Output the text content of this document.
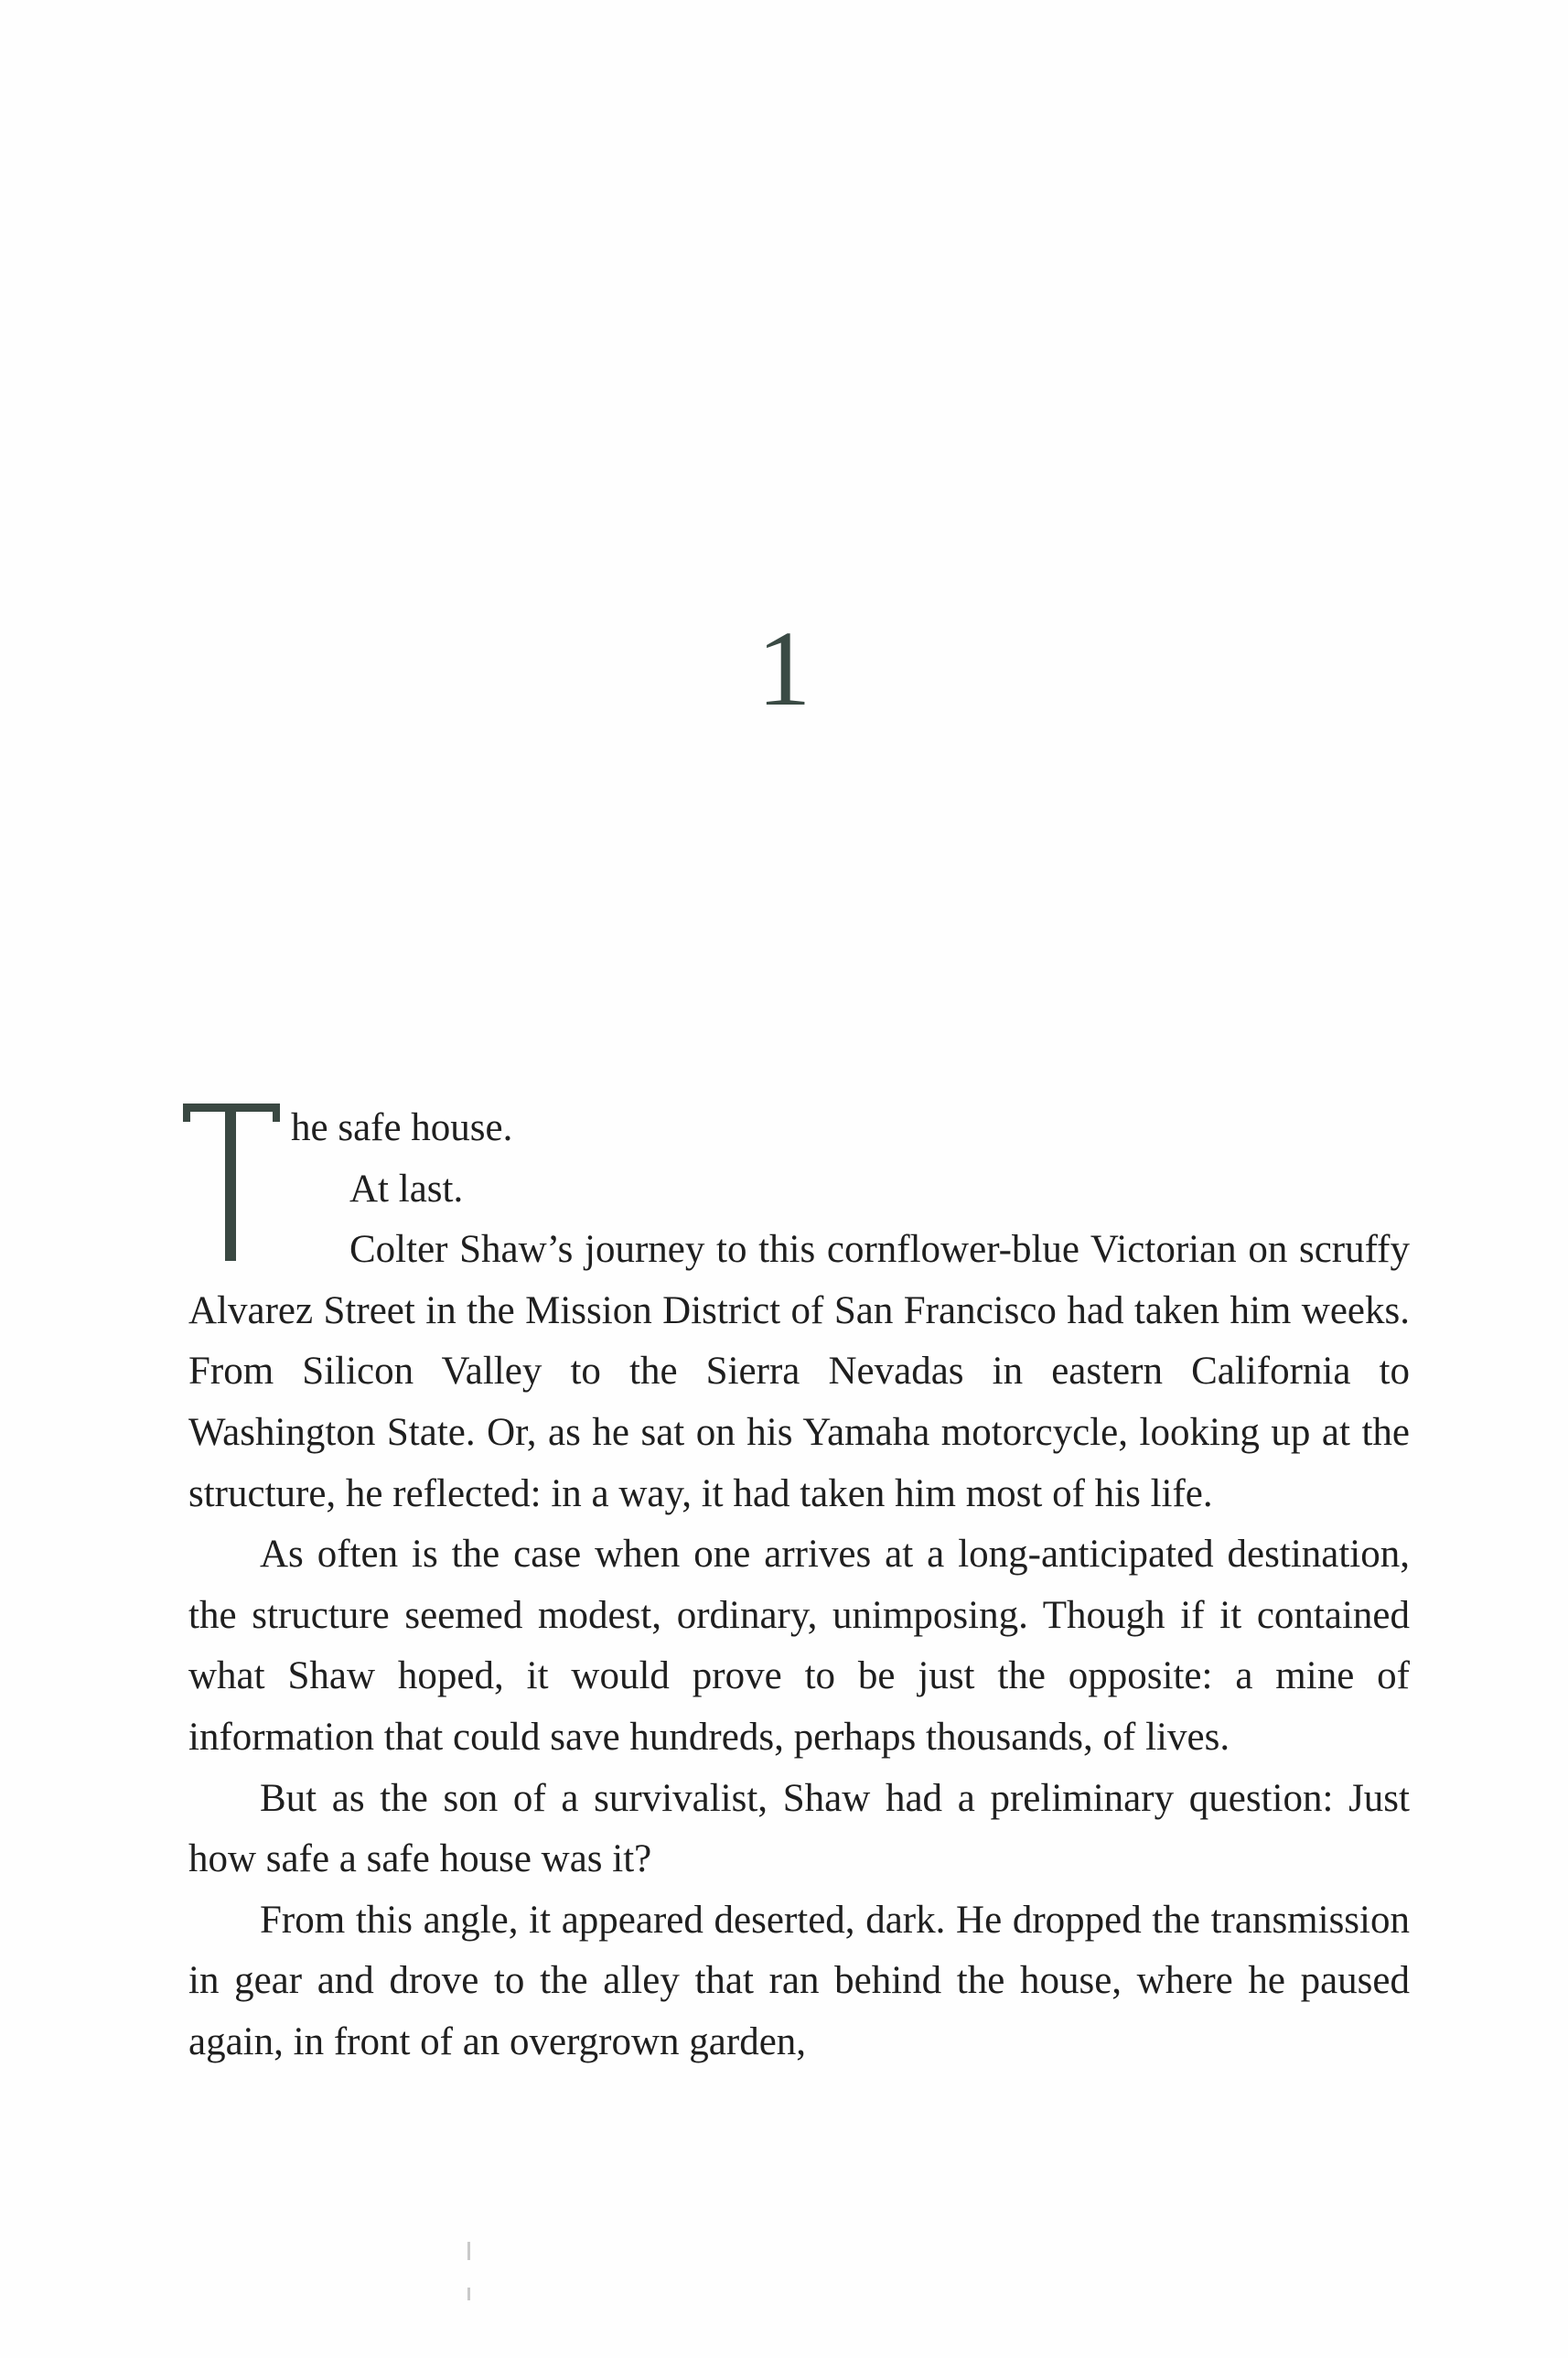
1

he safe house.

At last.

Colter Shaw’s journey to this cornflower-blue Victorian on scruffy Alvarez Street in the Mission District of San Francisco had taken him weeks. From Silicon Valley to the Sierra Nevadas in eastern California to Washington State. Or, as he sat on his Yamaha motorcycle, looking up at the structure, he reflected: in a way, it had taken him most of his life.

As often is the case when one arrives at a long-anticipated destination, the structure seemed modest, ordinary, unimposing. Though if it contained what Shaw hoped, it would prove to be just the opposite: a mine of information that could save hundreds, perhaps thousands, of lives.

But as the son of a survivalist, Shaw had a preliminary question: Just how safe a safe house was it?

From this angle, it appeared deserted, dark. He dropped the transmission in gear and drove to the alley that ran behind the house, where he paused again, in front of an overgrown garden,
